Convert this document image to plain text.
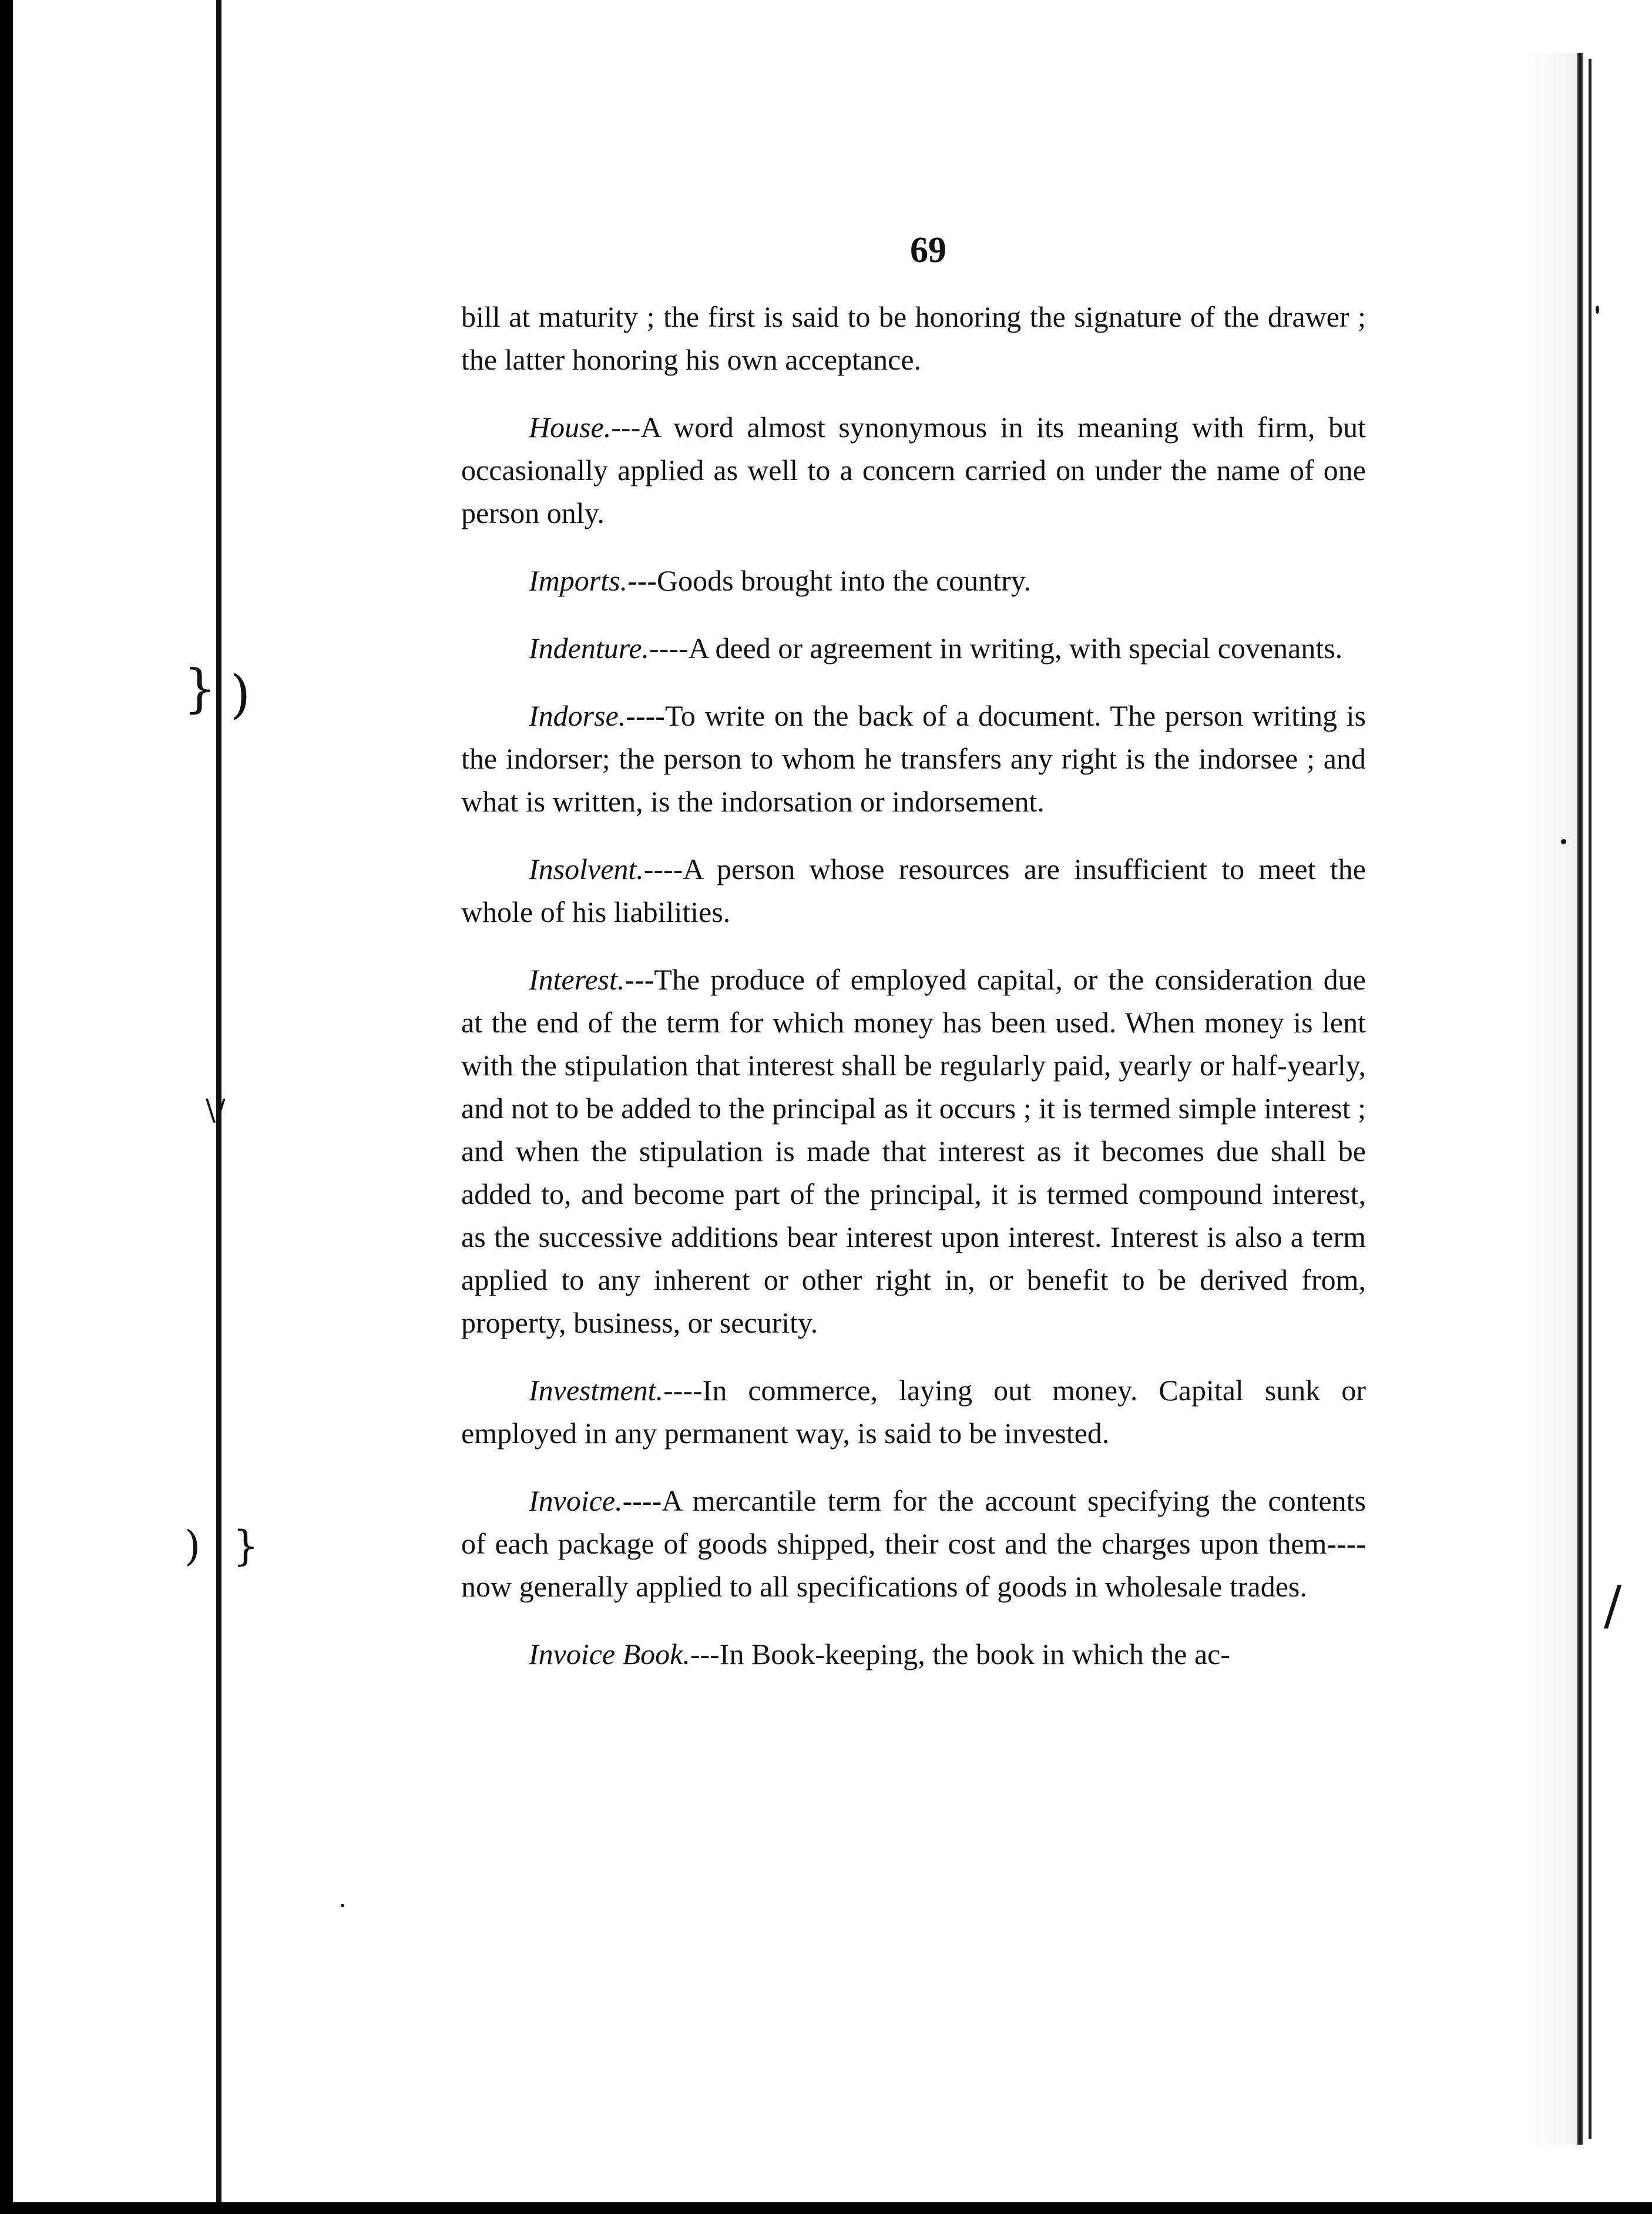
} )
) }
\/
/
69

bill at maturity ; the first is said to be honoring the signature of the drawer ; the latter honoring his own acceptance.

House.---A word almost synonymous in its meaning with firm, but occasionally applied as well to a concern carried on under the name of one person only.

Imports.---Goods brought into the country.

Indenture.----A deed or agreement in writing, with special covenants.

Indorse.----To write on the back of a document. The person writing is the indorser; the person to whom he transfers any right is the indorsee ; and what is written, is the indorsation or indorsement.

Insolvent.----A person whose resources are insufficient to meet the whole of his liabilities.

Interest.---The produce of employed capital, or the consideration due at the end of the term for which money has been used. When money is lent with the stipulation that interest shall be regularly paid, yearly or half-yearly, and not to be added to the principal as it occurs ; it is termed simple interest ; and when the stipulation is made that interest as it becomes due shall be added to, and become part of the principal, it is termed compound interest, as the successive additions bear interest upon interest. Interest is also a term applied to any inherent or other right in, or benefit to be derived from, property, business, or security.

Investment.----In commerce, laying out money. Capital sunk or employed in any permanent way, is said to be invested.

Invoice.----A mercantile term for the account specifying the contents of each package of goods shipped, their cost and the charges upon them----now generally applied to all specifications of goods in wholesale trades.

Invoice Book.---In Book-keeping, the book in which the ac-
